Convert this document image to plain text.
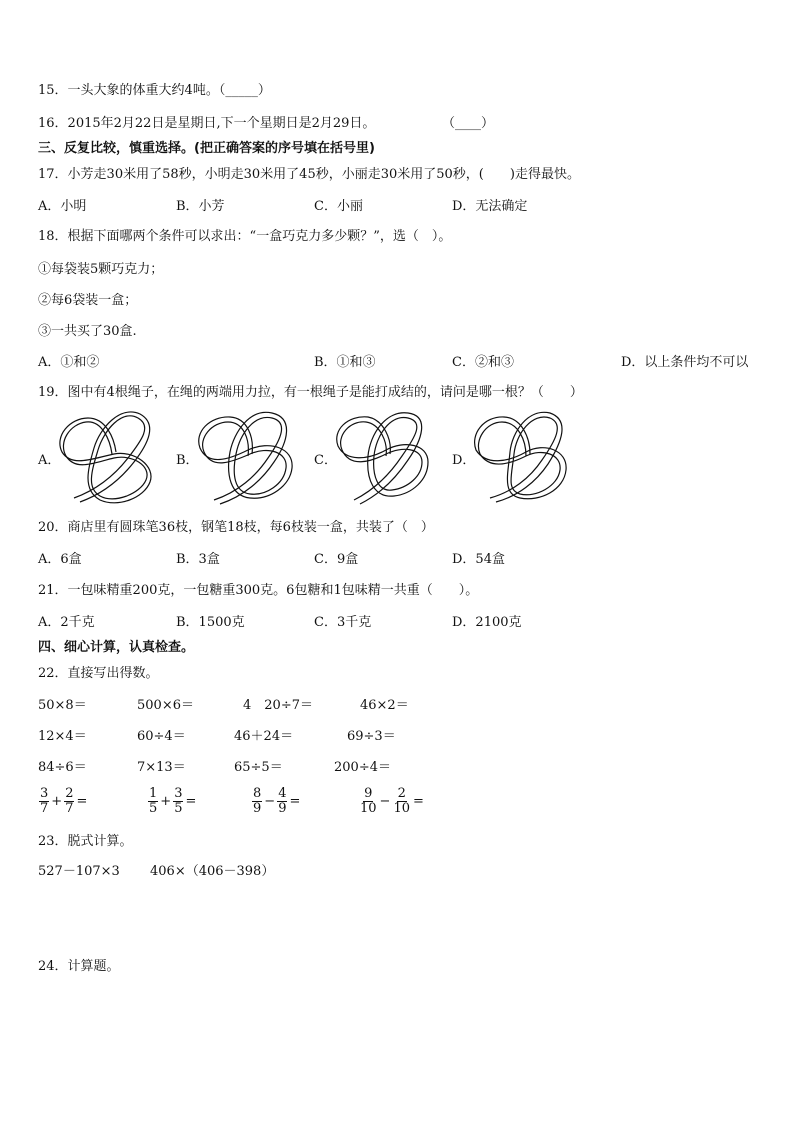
15．一头大象的体重大约4吨。（_____）
16．2015年2月22日是星期日,下一个星期日是2月29日。	（____）
三、反复比较，慎重选择。(把正确答案的序号填在括号里)
17．小芳走30米用了58秒，小明走30米用了45秒，小丽走30米用了50秒，(　　)走得最快。
A．小明	B．小芳	C．小丽	D．无法确定
18．根据下面哪两个条件可以求出：“一盒巧克力多少颗？”，选（　）。
①每袋装5颗巧克力；
②每6袋装一盒；
③一共买了30盒.
A．①和②	B．①和③	C．②和③	D．以上条件均不可以
19．图中有4根绳子，在绳的两端用力拉，有一根绳子是能打成结的，请问是哪一根？（　　）
A．	B．	C．	D．
20．商店里有圆珠笔36枝，钢笔18枝，每6枝装一盒，共装了（　）
A．6盒	B．3盒	C．9盒	D．54盒
21．一包味精重200克，一包糖重300克。6包糖和1包味精一共重（　　）。
A．2千克	B．1500克	C．3千克	D．2100克
四、细心计算，认真检查。
22．直接写出得数。
50×8＝	500×6＝	4　20÷7＝	46×2＝
12×4＝	60÷4＝	46＋24＝	69÷3＝
84÷6＝	7×13＝	65÷5＝	200÷4＝
$\frac{3}{7} + \frac{2}{7}$ =	$\frac{1}{5} + \frac{3}{5}$ =	$\frac{8}{9} - \frac{4}{9}$ =	$\frac{9}{10} - \frac{2}{10}$ =
23．脱式计算。
527－107×3 406×（406－398）
24．计算题。
